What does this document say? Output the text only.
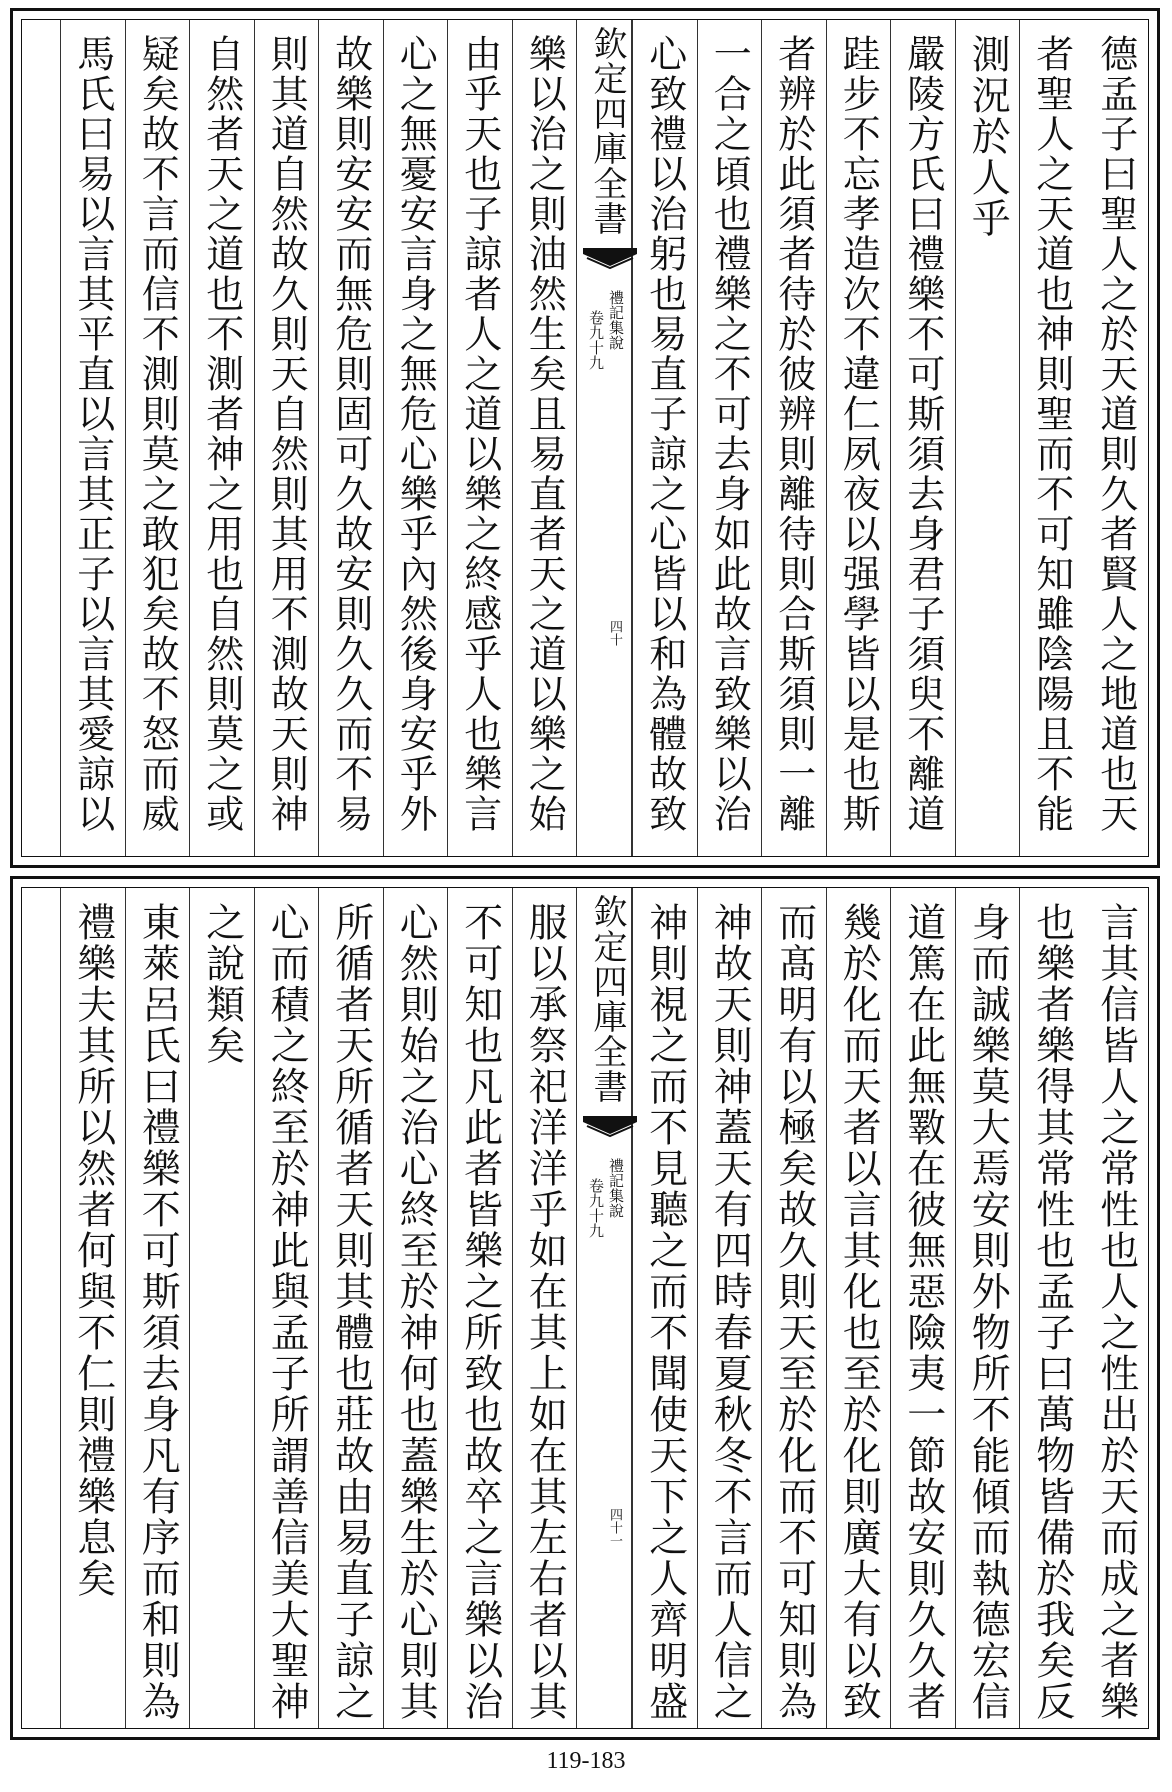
德孟子曰聖人之於天道則久者賢人之地道也天
者聖人之天道也神則聖而不可知雖陰陽且不能
測況於人乎
嚴陵方氏曰禮樂不可斯須去身君子須臾不離道
跬步不忘孝造次不違仁夙夜以强學皆以是也斯
者辨於此須者待於彼辨則離待則合斯須則一離
一合之頃也禮樂之不可去身如此故言致樂以治
心致禮以治躬也易直子諒之心皆以和為體故致
欽定四庫全書
禮記集說
卷九十九
四十
樂以治之則油然生矣且易直者天之道以樂之始
由乎天也子諒者人之道以樂之終感乎人也樂言
心之無憂安言身之無危心樂乎內然後身安乎外
故樂則安安而無危則固可久故安則久久而不易
則其道自然故久則天自然則其用不測故天則神
自然者天之道也不測者神之用也自然則莫之或
疑矣故不言而信不測則莫之敢犯矣故不怒而威
馬氏曰易以言其平直以言其正子以言其愛諒以
言其信皆人之常性也人之性出於天而成之者樂
也樂者樂得其常性也孟子曰萬物皆備於我矣反
身而誠樂莫大焉安則外物所不能傾而執德宏信
道篤在此無斁在彼無惡險夷一節故安則久久者
幾於化而天者以言其化也至於化則廣大有以致
而髙明有以極矣故久則天至於化而不可知則為
神故天則神蓋天有四時春夏秋冬不言而人信之
神則視之而不見聽之而不聞使天下之人齊明盛
欽定四庫全書
禮記集說
卷九十九
四十一
服以承祭祀洋洋乎如在其上如在其左右者以其
不可知也凡此者皆樂之所致也故卒之言樂以治
心然則始之治心終至於神何也蓋樂生於心則其
所循者天所循者天則其體也莊故由易直子諒之
心而積之終至於神此與孟子所謂善信美大聖神
之說類矣
東萊呂氏曰禮樂不可斯須去身凡有序而和則為
禮樂夫其所以然者何與不仁則禮樂息矣
119-183
